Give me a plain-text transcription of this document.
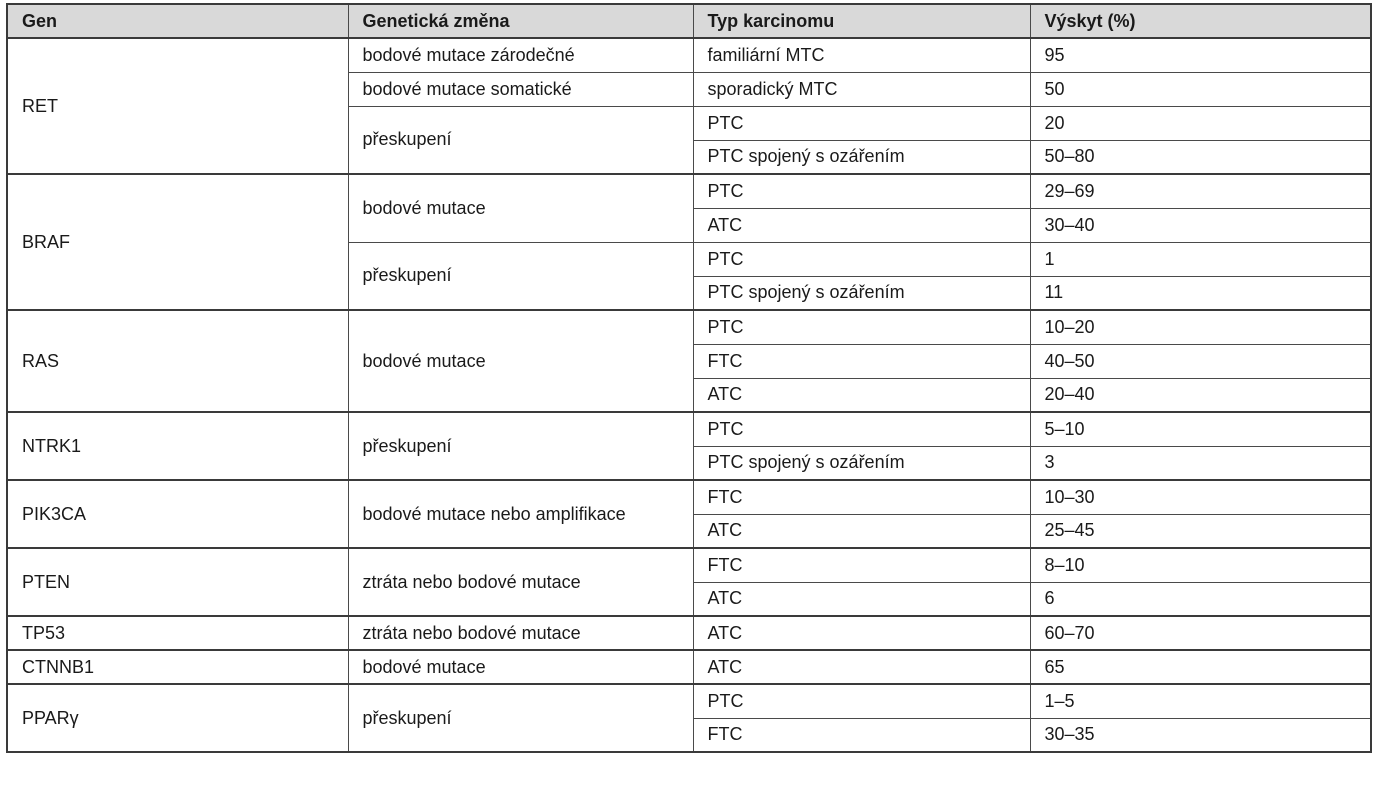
Gen	Genetická změna	Typ karcinomu	Výskyt (%)
RET	bodové mutace zárodečné	familiární MTC	95
	bodové mutace somatické	sporadický MTC	50
	přeskupení	PTC	20
		PTC spojený s ozářením	50–80
BRAF	bodové mutace	PTC	29–69
		ATC	30–40
	přeskupení	PTC	1
		PTC spojený s ozářením	11
RAS	bodové mutace	PTC	10–20
		FTC	40–50
		ATC	20–40
NTRK1	přeskupení	PTC	5–10
		PTC spojený s ozářením	3
PIK3CA	bodové mutace nebo amplifikace	FTC	10–30
		ATC	25–45
PTEN	ztráta nebo bodové mutace	FTC	8–10
		ATC	6
TP53	ztráta nebo bodové mutace	ATC	60–70
CTNNB1	bodové mutace	ATC	65
PPARγ	přeskupení	PTC	1–5
		FTC	30–35
